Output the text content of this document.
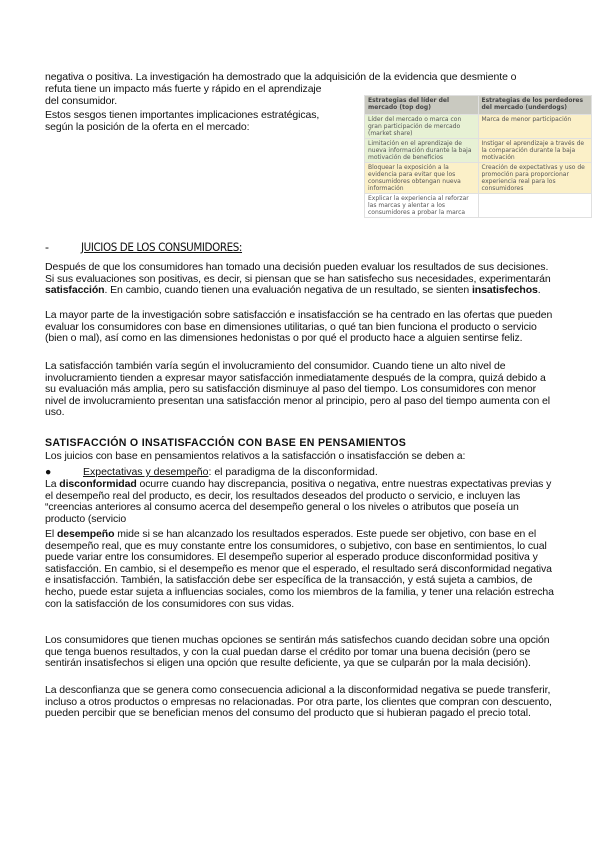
negativa o positiva. La investigación ha demostrado que la adquisición de la evidencia que desmiente o

refuta tiene un impacto más fuerte y rápido en el aprendizaje

del consumidor.

Estos sesgos tienen importantes implicaciones estratégicas, según la posición de la oferta en el mercado:

Estrategias del líder del mercado (top dog)	Estrategias de los perdedores del mercado (underdogs)
Líder del mercado o marca con gran participación de mercado (market share)	Marca de menor participación
Limitación en el aprendizaje de nueva información durante la baja motivación de beneficios	Instigar el aprendizaje a través de la comparación durante la baja motivación
Bloquear la exposición a la evidencia para evitar que los consumidores obtengan nueva información	Creación de expectativas y uso de promoción para proporcionar experiencia real para los consumidores
Explicar la experiencia al reforzar las marcas y alentar a los consumidores a probar la marca	
-	JUICIOS DE LOS CONSUMIDORES:

Después de que los consumidores han tomado una decisión pueden evaluar los resultados de sus decisiones. Si sus evaluaciones son positivas, es decir, si piensan que se han satisfecho sus necesidades, experimentarán satisfacción. En cambio, cuando tienen una evaluación negativa de un resultado, se sienten insatisfechos.

La mayor parte de la investigación sobre satisfacción e insatisfacción se ha centrado en las ofertas que pueden evaluar los consumidores con base en dimensiones utilitarias, o qué tan bien funciona el producto o servicio (bien o mal), así como en las dimensiones hedonistas o por qué el producto hace a alguien sentirse feliz.

La satisfacción también varía según el involucramiento del consumidor. Cuando tiene un alto nivel de involucramiento tienden a expresar mayor satisfacción inmediatamente después de la compra, quizá debido a su evaluación más amplia, pero su satisfacción disminuye al paso del tiempo. Los consumidores con menor nivel de involucramiento presentan una satisfacción menor al principio, pero al paso del tiempo aumenta con el uso.

SATISFACCIÓN O INSATISFACCIÓN CON BASE EN PENSAMIENTOS

Los juicios con base en pensamientos relativos a la satisfacción o insatisfacción se deben a:

●	Expectativas y desempeño: el paradigma de la disconformidad.

La disconformidad ocurre cuando hay discrepancia, positiva o negativa, entre nuestras expectativas previas y el desempeño real del producto, es decir, los resultados deseados del producto o servicio, e incluyen las “creencias anteriores al consumo acerca del desempeño general o los niveles o atributos que poseía un producto (servicio

El desempeño mide si se han alcanzado los resultados esperados. Este puede ser objetivo, con base en el desempeño real, que es muy constante entre los consumidores, o subjetivo, con base en sentimientos, lo cual puede variar entre los consumidores. El desempeño superior al esperado produce disconformidad positiva y satisfacción. En cambio, si el desempeño es menor que el esperado, el resultado será disconformidad negativa e insatisfacción. También, la satisfacción debe ser específica de la transacción, y está sujeta a cambios, de hecho, puede estar sujeta a influencias sociales, como los miembros de la familia, y tener una relación estrecha con la satisfacción de los consumidores con sus vidas.

Los consumidores que tienen muchas opciones se sentirán más satisfechos cuando decidan sobre una opción que tenga buenos resultados, y con la cual puedan darse el crédito por tomar una buena decisión (pero se sentirán insatisfechos si eligen una opción que resulte deficiente, ya que se culparán por la mala decisión).

La desconfianza que se genera como consecuencia adicional a la disconformidad negativa se puede transferir, incluso a otros productos o empresas no relacionadas. Por otra parte, los clientes que compran con descuento, pueden percibir que se benefician menos del consumo del producto que si hubieran pagado el precio total.
